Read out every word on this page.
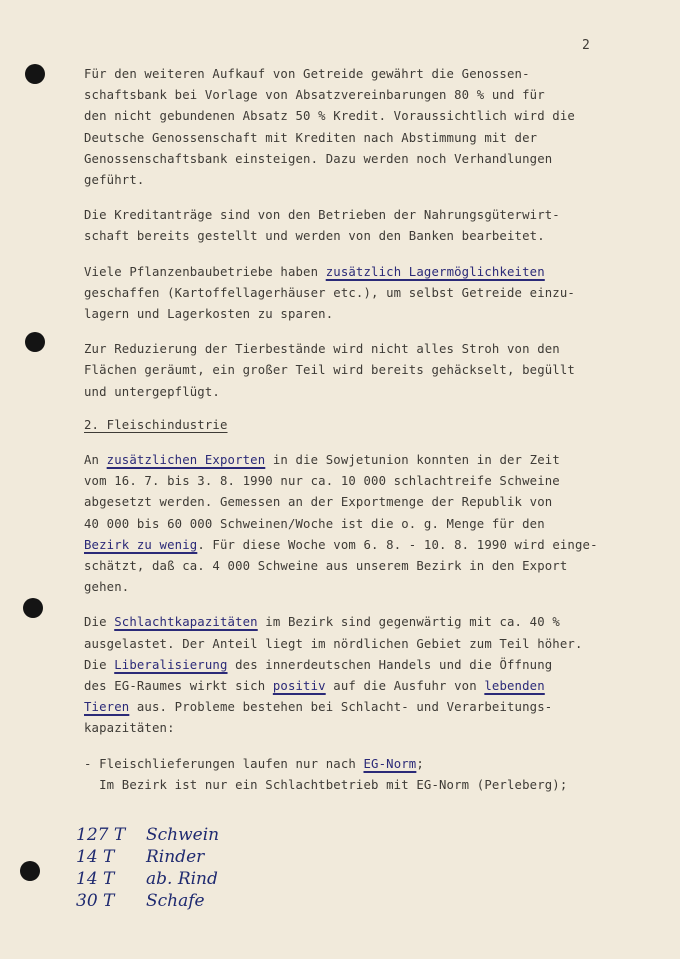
2
Für den weiteren Aufkauf von Getreide gewährt die Genossen-
schaftsbank bei Vorlage von Absatzvereinbarungen 80 % und für
den nicht gebundenen Absatz 50 % Kredit. Voraussichtlich wird die
Deutsche Genossenschaft mit Krediten nach Abstimmung mit der
Genossenschaftsbank einsteigen. Dazu werden noch Verhandlungen
geführt.
Die Kreditanträge sind von den Betrieben der Nahrungsgüterwirt-
schaft bereits gestellt und werden von den Banken bearbeitet.
Viele Pflanzenbaubetriebe haben zusätzlich Lagermöglichkeiten
geschaffen (Kartoffellagerhäuser etc.), um selbst Getreide einzu-
lagern und Lagerkosten zu sparen.
Zur Reduzierung der Tierbestände wird nicht alles Stroh von den
Flächen geräumt, ein großer Teil wird bereits gehäckselt, begüllt
und untergepflügt.
2. Fleischindustrie
An zusätzlichen Exporten in die Sowjetunion konnten in der Zeit
vom 16. 7. bis 3. 8. 1990 nur ca. 10 000 schlachtreife Schweine
abgesetzt werden. Gemessen an der Exportmenge der Republik von
40 000 bis 60 000 Schweinen/Woche ist die o. g. Menge für den
Bezirk zu wenig. Für diese Woche vom 6. 8. - 10. 8. 1990 wird einge-
schätzt, daß ca. 4 000 Schweine aus unserem Bezirk in den Export
gehen.
Die Schlachtkapazitäten im Bezirk sind gegenwärtig mit ca. 40 %
ausgelastet. Der Anteil liegt im nördlichen Gebiet zum Teil höher.
Die Liberalisierung des innerdeutschen Handels und die Öffnung
des EG-Raumes wirkt sich positiv auf die Ausfuhr von lebenden
Tieren aus. Probleme bestehen bei Schlacht- und Verarbeitungs-
kapazitäten:
- Fleischlieferungen laufen nur nach EG-Norm;
Im Bezirk ist nur ein Schlachtbetrieb mit EG-Norm (Perleberg);
127 T	Schwein
14 T	Rinder
14 T	ab. Rind
30 T	Schafe
